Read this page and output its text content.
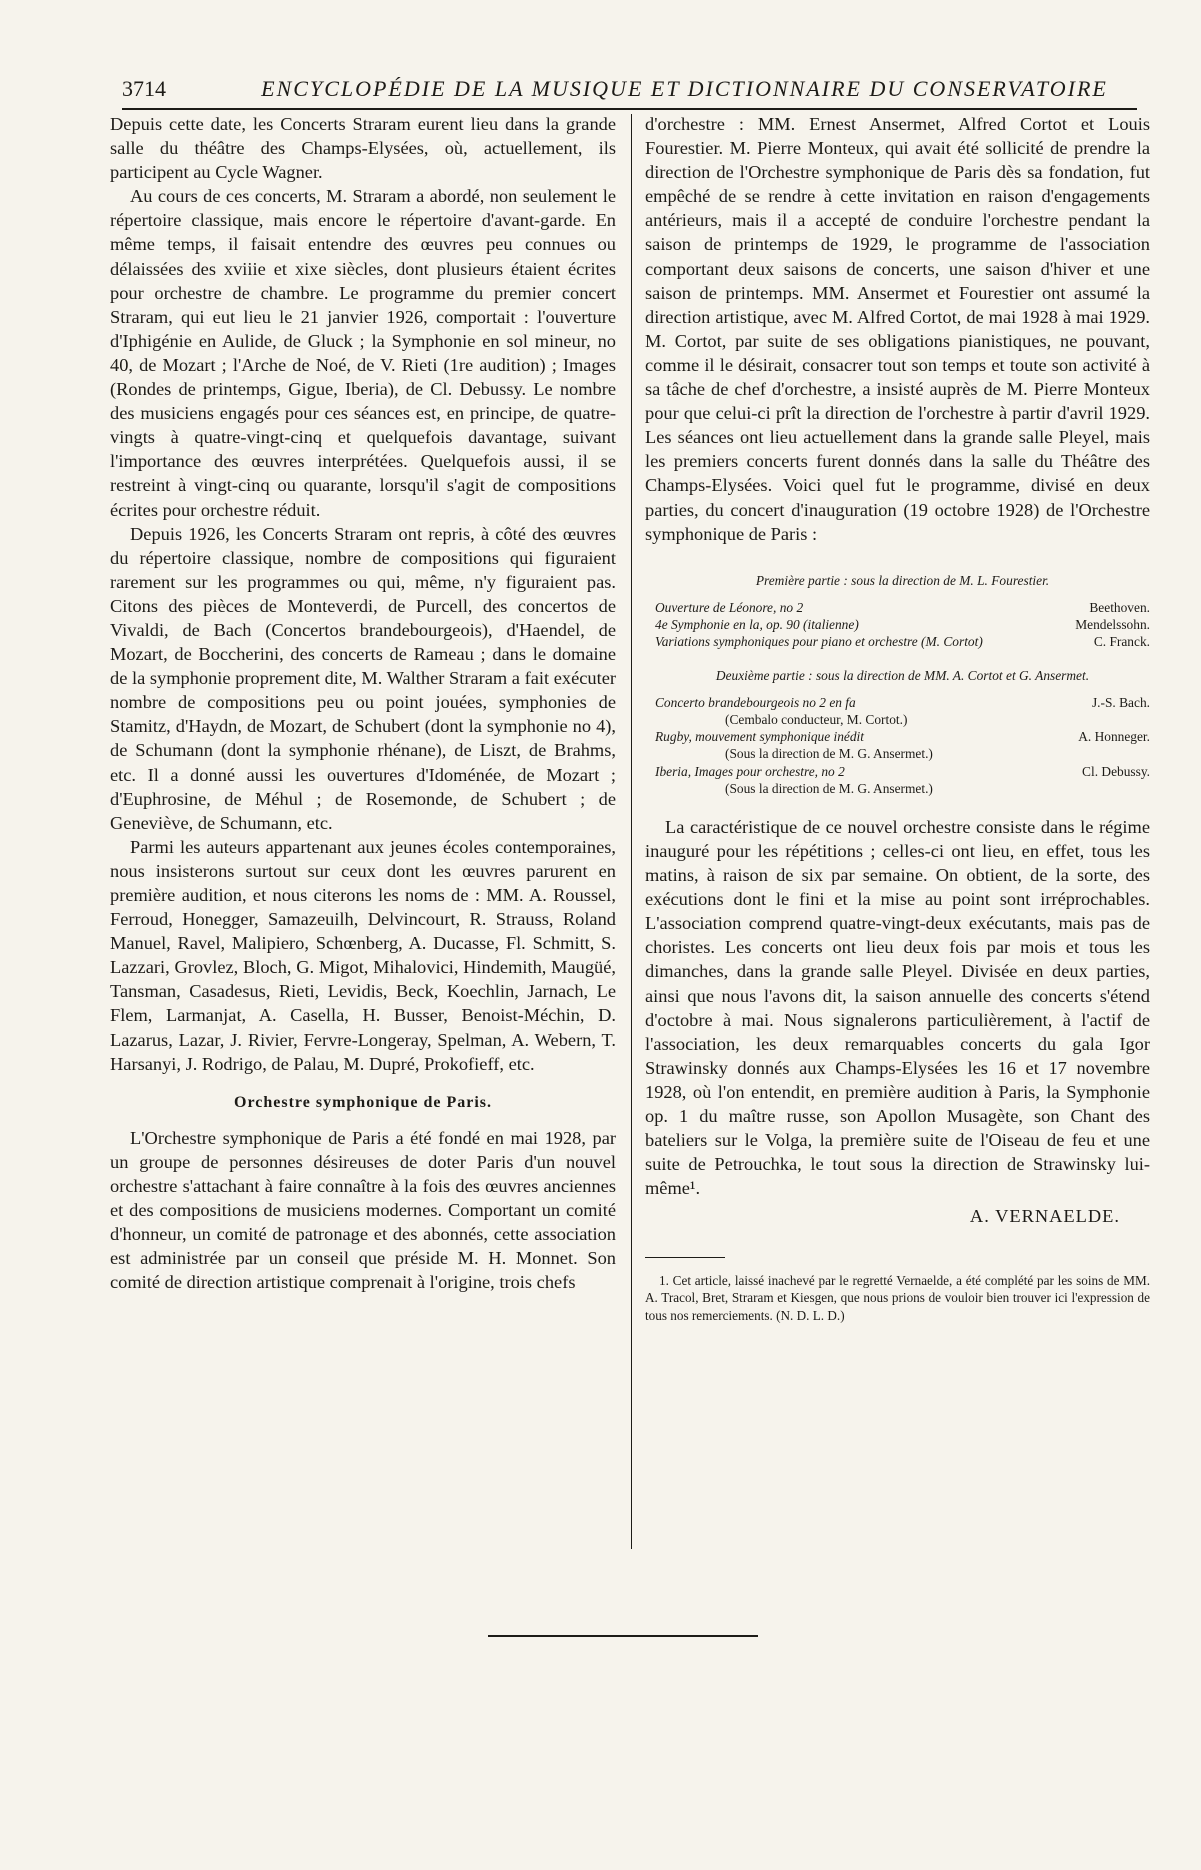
3714	ENCYCLOPÉDIE DE LA MUSIQUE ET DICTIONNAIRE DU CONSERVATOIRE

Depuis cette date, les Concerts Straram eurent lieu dans la grande salle du théâtre des Champs-Elysées, où, actuellement, ils participent au Cycle Wagner.

Au cours de ces concerts, M. Straram a abordé, non seulement le répertoire classique, mais encore le répertoire d'avant-garde. En même temps, il faisait entendre des œuvres peu connues ou délaissées des xviiie et xixe siècles, dont plusieurs étaient écrites pour orchestre de chambre. Le programme du premier concert Straram, qui eut lieu le 21 janvier 1926, comportait : l'ouverture d'Iphigénie en Aulide, de Gluck ; la Symphonie en sol mineur, no 40, de Mozart ; l'Arche de Noé, de V. Rieti (1re audition) ; Images (Rondes de printemps, Gigue, Iberia), de Cl. Debussy. Le nombre des musiciens engagés pour ces séances est, en principe, de quatre-vingts à quatre-vingt-cinq et quelquefois davantage, suivant l'importance des œuvres interprétées. Quelquefois aussi, il se restreint à vingt-cinq ou quarante, lorsqu'il s'agit de compositions écrites pour orchestre réduit.

Depuis 1926, les Concerts Straram ont repris, à côté des œuvres du répertoire classique, nombre de compositions qui figuraient rarement sur les programmes ou qui, même, n'y figuraient pas. Citons des pièces de Monteverdi, de Purcell, des concertos de Vivaldi, de Bach (Concertos brandebourgeois), d'Haendel, de Mozart, de Boccherini, des concerts de Rameau ; dans le domaine de la symphonie proprement dite, M. Walther Straram a fait exécuter nombre de compositions peu ou point jouées, symphonies de Stamitz, d'Haydn, de Mozart, de Schubert (dont la symphonie no 4), de Schumann (dont la symphonie rhénane), de Liszt, de Brahms, etc. Il a donné aussi les ouvertures d'Idoménée, de Mozart ; d'Euphrosine, de Méhul ; de Rosemonde, de Schubert ; de Geneviève, de Schumann, etc.

Parmi les auteurs appartenant aux jeunes écoles contemporaines, nous insisterons surtout sur ceux dont les œuvres parurent en première audition, et nous citerons les noms de : MM. A. Roussel, Ferroud, Honegger, Samazeuilh, Delvincourt, R. Strauss, Roland Manuel, Ravel, Malipiero, Schœnberg, A. Ducasse, Fl. Schmitt, S. Lazzari, Grovlez, Bloch, G. Migot, Mihalovici, Hindemith, Maugüé, Tansman, Casadesus, Rieti, Levidis, Beck, Koechlin, Jarnach, Le Flem, Larmanjat, A. Casella, H. Busser, Benoist-Méchin, D. Lazarus, Lazar, J. Rivier, Fervre-Longeray, Spelman, A. Webern, T. Harsanyi, J. Rodrigo, de Palau, M. Dupré, Prokofieff, etc.

Orchestre symphonique de Paris.

L'Orchestre symphonique de Paris a été fondé en mai 1928, par un groupe de personnes désireuses de doter Paris d'un nouvel orchestre s'attachant à faire connaître à la fois des œuvres anciennes et des compositions de musiciens modernes. Comportant un comité d'honneur, un comité de patronage et des abonnés, cette association est administrée par un conseil que préside M. H. Monnet. Son comité de direction artistique comprenait à l'origine, trois chefs

d'orchestre : MM. Ernest Ansermet, Alfred Cortot et Louis Fourestier. M. Pierre Monteux, qui avait été sollicité de prendre la direction de l'Orchestre symphonique de Paris dès sa fondation, fut empêché de se rendre à cette invitation en raison d'engagements antérieurs, mais il a accepté de conduire l'orchestre pendant la saison de printemps de 1929, le programme de l'association comportant deux saisons de concerts, une saison d'hiver et une saison de printemps. MM. Ansermet et Fourestier ont assumé la direction artistique, avec M. Alfred Cortot, de mai 1928 à mai 1929. M. Cortot, par suite de ses obligations pianistiques, ne pouvant, comme il le désirait, consacrer tout son temps et toute son activité à sa tâche de chef d'orchestre, a insisté auprès de M. Pierre Monteux pour que celui-ci prît la direction de l'orchestre à partir d'avril 1929. Les séances ont lieu actuellement dans la grande salle Pleyel, mais les premiers concerts furent donnés dans la salle du Théâtre des Champs-Elysées. Voici quel fut le programme, divisé en deux parties, du concert d'inauguration (19 octobre 1928) de l'Orchestre symphonique de Paris :

Première partie : sous la direction de M. L. Fourestier.
Ouverture de Léonore, no 2	Beethoven.
4e Symphonie en la, op. 90 (italienne)	Mendelssohn.
Variations symphoniques pour piano et orchestre (M. Cortot)	C. Franck.
Deuxième partie : sous la direction de MM. A. Cortot et G. Ansermet.
Concerto brandebourgeois no 2 en fa	J.-S. Bach.
(Cembalo conducteur, M. Cortot.)
Rugby, mouvement symphonique inédit	A. Honneger.
(Sous la direction de M. G. Ansermet.)
Iberia, Images pour orchestre, no 2	Cl. Debussy.
(Sous la direction de M. G. Ansermet.)

La caractéristique de ce nouvel orchestre consiste dans le régime inauguré pour les répétitions ; celles-ci ont lieu, en effet, tous les matins, à raison de six par semaine. On obtient, de la sorte, des exécutions dont le fini et la mise au point sont irréprochables. L'association comprend quatre-vingt-deux exécutants, mais pas de choristes. Les concerts ont lieu deux fois par mois et tous les dimanches, dans la grande salle Pleyel. Divisée en deux parties, ainsi que nous l'avons dit, la saison annuelle des concerts s'étend d'octobre à mai. Nous signalerons particulièrement, à l'actif de l'association, les deux remarquables concerts du gala Igor Strawinsky donnés aux Champs-Elysées les 16 et 17 novembre 1928, où l'on entendit, en première audition à Paris, la Symphonie op. 1 du maître russe, son Apollon Musagète, son Chant des bateliers sur le Volga, la première suite de l'Oiseau de feu et une suite de Petrouchka, le tout sous la direction de Strawinsky lui-même¹.

A. VERNAELDE.

1. Cet article, laissé inachevé par le regretté Vernaelde, a été complété par les soins de MM. A. Tracol, Bret, Straram et Kiesgen, que nous prions de vouloir bien trouver ici l'expression de tous nos remerciements. (N. D. L. D.)
